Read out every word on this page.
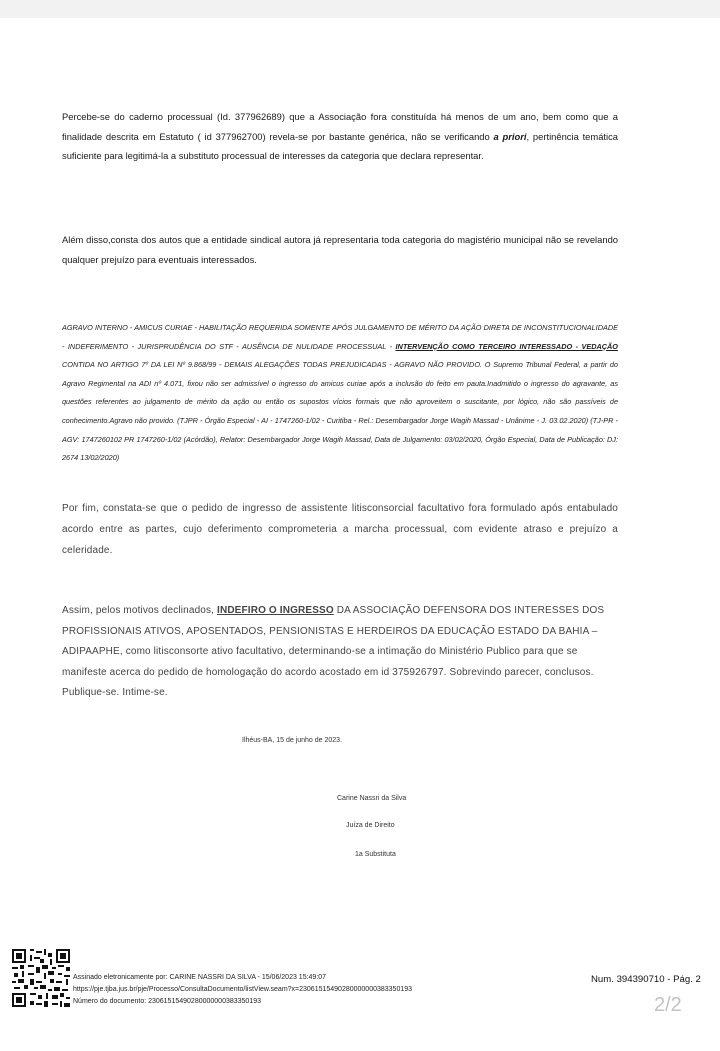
Percebe-se do caderno processual (Id. 377962689) que a Associação fora constituída há menos de um ano, bem como que a finalidade descrita em Estatuto ( id 377962700) revela-se por bastante genérica, não se verificando a priori, pertinência temática suficiente para legitimá-la a substituto processual de interesses da categoria que declara representar.

Além disso,consta dos autos que a entidade sindical autora já representaria toda categoria do magistério municipal não se revelando qualquer prejuízo para eventuais interessados.

AGRAVO INTERNO - AMICUS CURIAE - HABILITAÇÃO REQUERIDA SOMENTE APÓS JULGAMENTO DE MÉRITO DA AÇÃO DIRETA DE INCONSTITUCIONALIDADE - INDEFERIMENTO - JURISPRUDÊNCIA DO STF - AUSÊNCIA DE NULIDADE PROCESSUAL - INTERVENÇÃO COMO TERCEIRO INTERESSADO - VEDAÇÃO CONTIDA NO ARTIGO 7º DA LEI Nº 9.868/99 - DEMAIS ALEGAÇÕES TODAS PREJUDICADAS - AGRAVO NÃO PROVIDO. O Supremo Tribunal Federal, a partir do Agravo Regimental na ADI nº 4.071, fixou não ser admissível o ingresso do amicus curiae após a inclusão do feito em pauta.Inadmitido o ingresso do agravante, as questões referentes ao julgamento de mérito da ação ou então os supostos vícios formais que não aproveitem o suscitante, por lógico, não são passíveis de conhecimento.Agravo não provido. (TJPR - Órgão Especial - AI - 1747260-1/02 - Curitiba - Rel.: Desembargador Jorge Wagih Massad - Unânime - J. 03.02.2020) (TJ-PR - AGV: 1747260102 PR 1747260-1/02 (Acórdão), Relator: Desembargador Jorge Wagih Massad, Data de Julgamento: 03/02/2020, Órgão Especial, Data de Publicação: DJ: 2674 13/02/2020)

Por fim, constata-se que o pedido de ingresso de assistente litisconsorcial facultativo fora formulado após entabulado acordo entre as partes, cujo deferimento comprometeria a marcha processual, com evidente atraso e prejuízo a celeridade.

Assim, pelos motivos declinados, INDEFIRO O INGRESSO DA ASSOCIAÇÃO DEFENSORA DOS INTERESSES DOS PROFISSIONAIS ATIVOS, APOSENTADOS, PENSIONISTAS E HERDEIROS DA EDUCAÇÃO ESTADO DA BAHIA – ADIPAAPHE, como litisconsorte ativo facultativo, determinando-se a intimação do Ministério Publico para que se manifeste acerca do pedido de homologação do acordo acostado em id 375926797. Sobrevindo parecer, conclusos. Publique-se. Intime-se.

Ilhéus-BA, 15 de junho de 2023.
Carine Nassri da Silva
Juíza de Direito
1a Substituta
Assinado eletronicamente por: CARINE NASSRI DA SILVA - 15/06/2023 15:49:07
https://pje.tjba.jus.br/pje/Processo/ConsultaDocumento/listView.seam?x=23061515490280000000383350193
Número do documento: 23061515490280000000383350193
Num. 394390710 - Pág. 2
2/2
